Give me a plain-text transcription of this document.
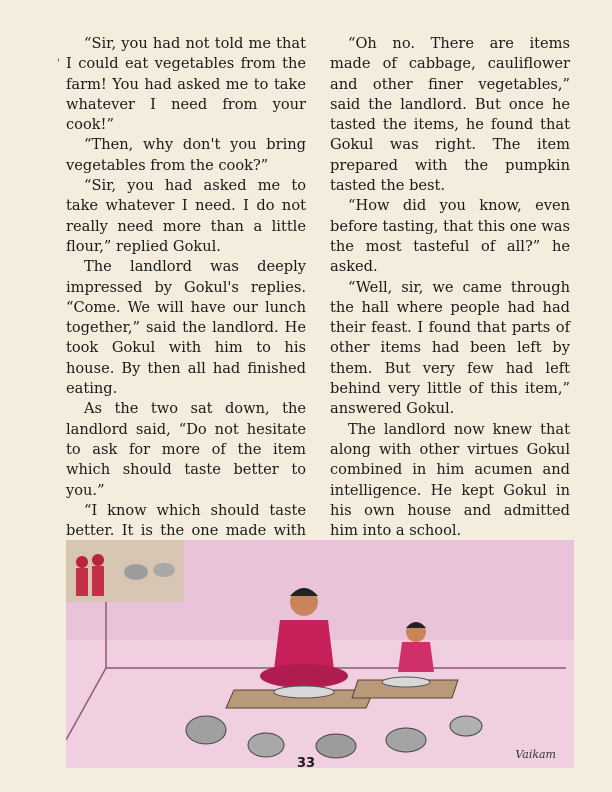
'

“Sir, you had not told me that I could eat vegetables from the farm! You had asked me to take whatever I need from your cook!”

“Then, why don't you bring vegetables from the cook?”

“Sir, you had asked me to take whatever I need. I do not really need more than a little flour,” replied Gokul.

The landlord was deeply impressed by Gokul's replies. “Come. We will have our lunch together,” said the landlord. He took Gokul with him to his house. By then all had finished eating.

As the two sat down, the landlord said, “Do not hesitate to ask for more of the item which should taste better to you.”

“I know which should taste better. It is the one made with

“Oh no. There are items made of cabbage, cauliflower and other finer vegetables,” said the landlord. But once he tasted the items, he found that Gokul was right. The item prepared with the pumpkin tasted the best.

“How did you know, even before tasting, that this one was the most tasteful of all?” he asked.

“Well, sir, we came through the hall where people had had their feast. I found that parts of other items had been left by them. But very few had left behind very little of this item,” answered Gokul.

The landlord now knew that along with other virtues Gokul combined in him acumen and intelligence. He kept Gokul in his own house and admitted him into a school.

Vaikam
33
